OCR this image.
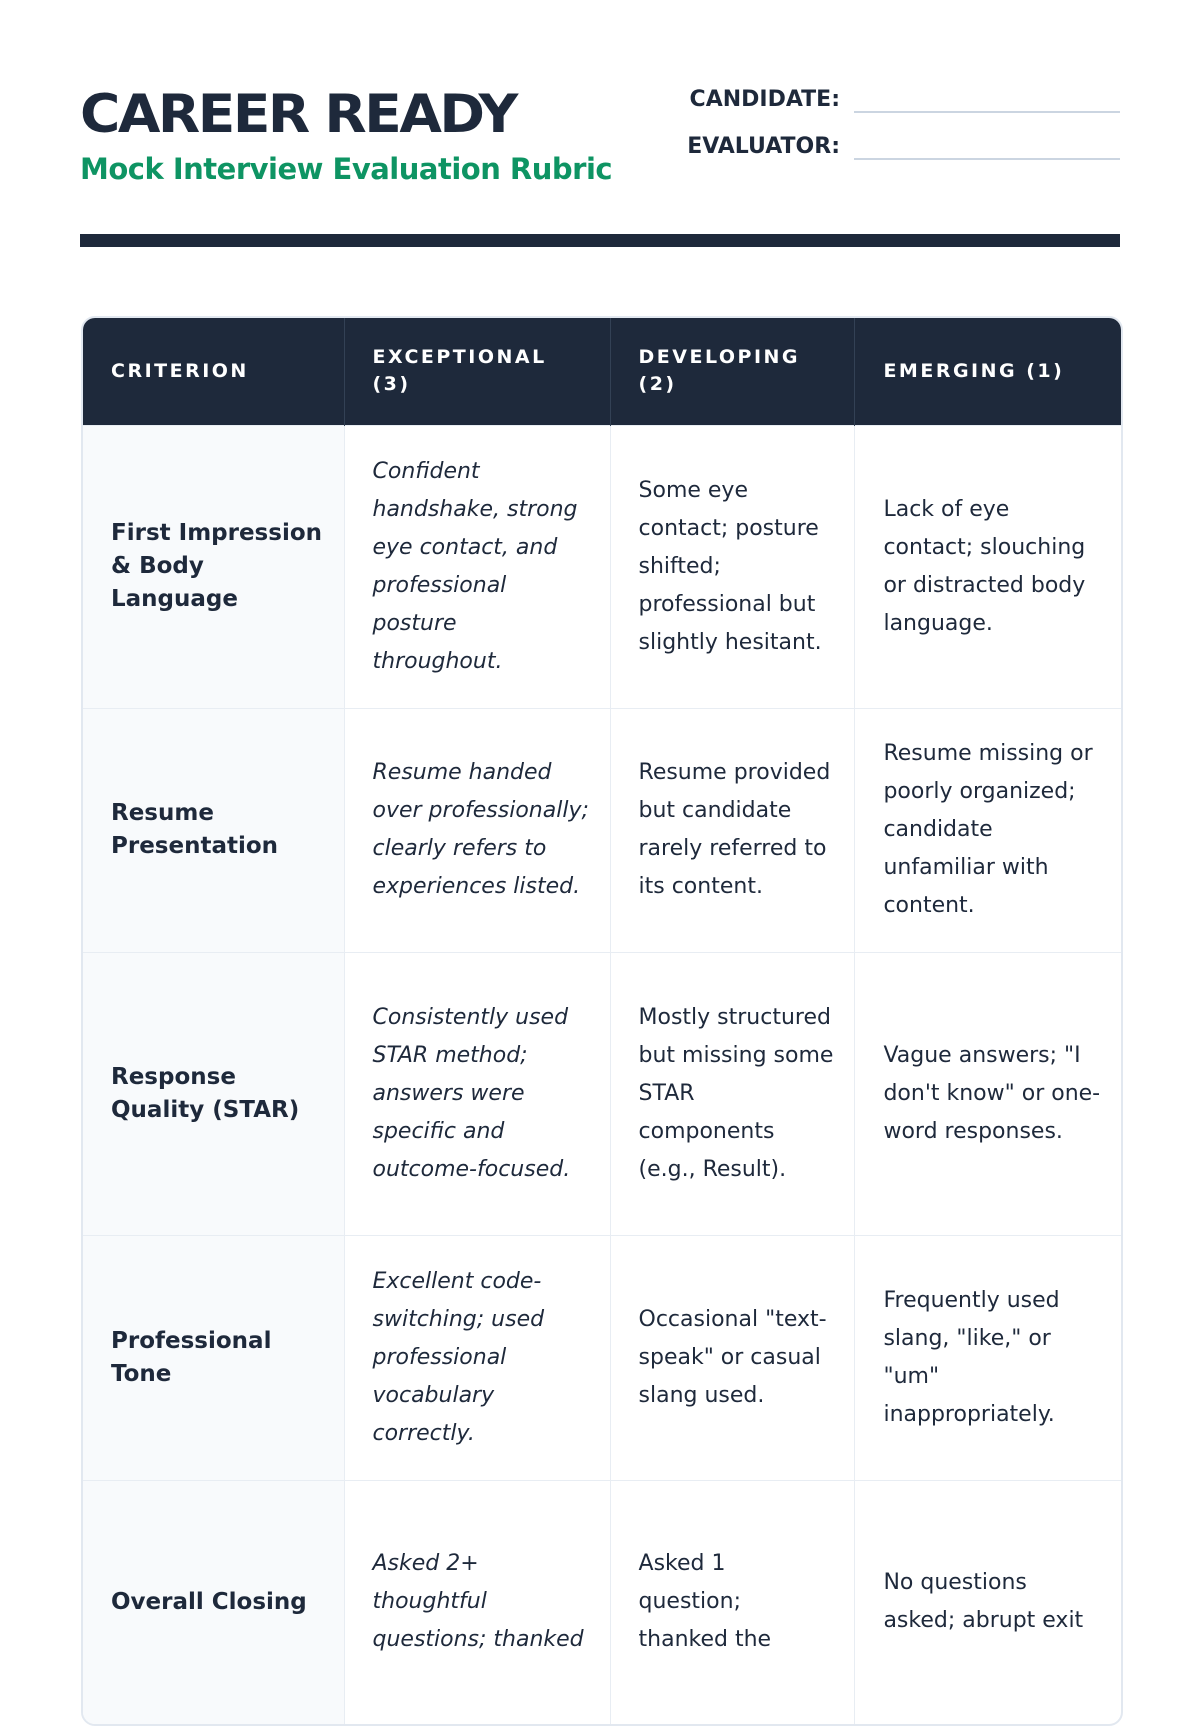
CAREER READY
Mock Interview Evaluation Rubric
CANDIDATE:
EVALUATOR:
CRITERION	EXCEPTIONAL (3)	DEVELOPING (2)	EMERGING (1)
First Impression & Body Language	Confident handshake, strong eye contact, and professional posture throughout.	Some eye contact; posture shifted; professional but slightly hesitant.	Lack of eye contact; slouching or distracted body language.
Resume Presentation	Resume handed over professionally; clearly refers to experiences listed.	Resume provided but candidate rarely referred to its content.	Resume missing or poorly organized; candidate unfamiliar with content.
Response Quality (STAR)	Consistently used STAR method; answers were specific and outcome-focused.	Mostly structured but missing some STAR components (e.g., Result).	Vague answers; "I don't know" or one-word responses.
Professional Tone	Excellent code-switching; used professional vocabulary correctly.	Occasional "text-speak" or casual slang used.	Frequently used slang, "like," or "um" inappropriately.
Overall Closing	Asked 2+ thoughtful questions; thanked	Asked 1 question; thanked the	No questions asked; abrupt exit
